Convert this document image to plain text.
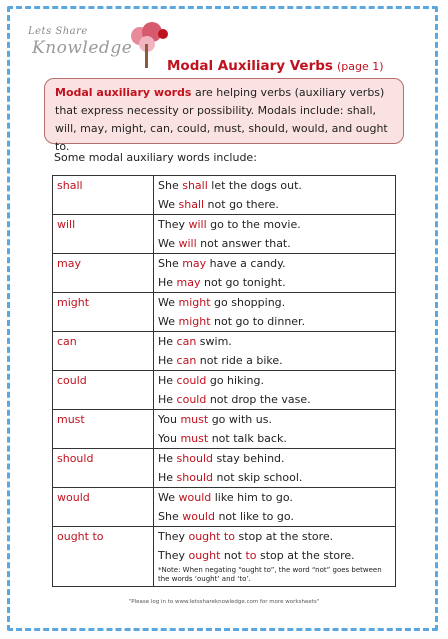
Lets Share
Knowledge
Modal Auxiliary Verbs (page 1)
Modal auxiliary words are helping verbs (auxiliary verbs) that express necessity or possibility. Modals include: shall, will, may, might, can, could, must, should, would, and ought to.
Some modal auxiliary words include:
shall	She shall let the dogs out.
We shall not go there.

will	They will go to the movie.
We will not answer that.

may	She may have a candy.
He may not go tonight.

might	We might go shopping.
We might not go to dinner.

can	He can swim.
He can not ride a bike.

could	He could go hiking.
He could not drop the vase.

must	You must go with us.
You must not talk back.

should	He should stay behind.
He should not skip school.

would	We would like him to go.
She would not like to go.

ought to	They ought to stop at the store.
They ought not to stop at the store.
*Note: When negating “ought to”, the word “not” goes between the words ‘ought’ and ‘to’.
"Please log in to www.letsshareknowledge.com for more worksheets"
